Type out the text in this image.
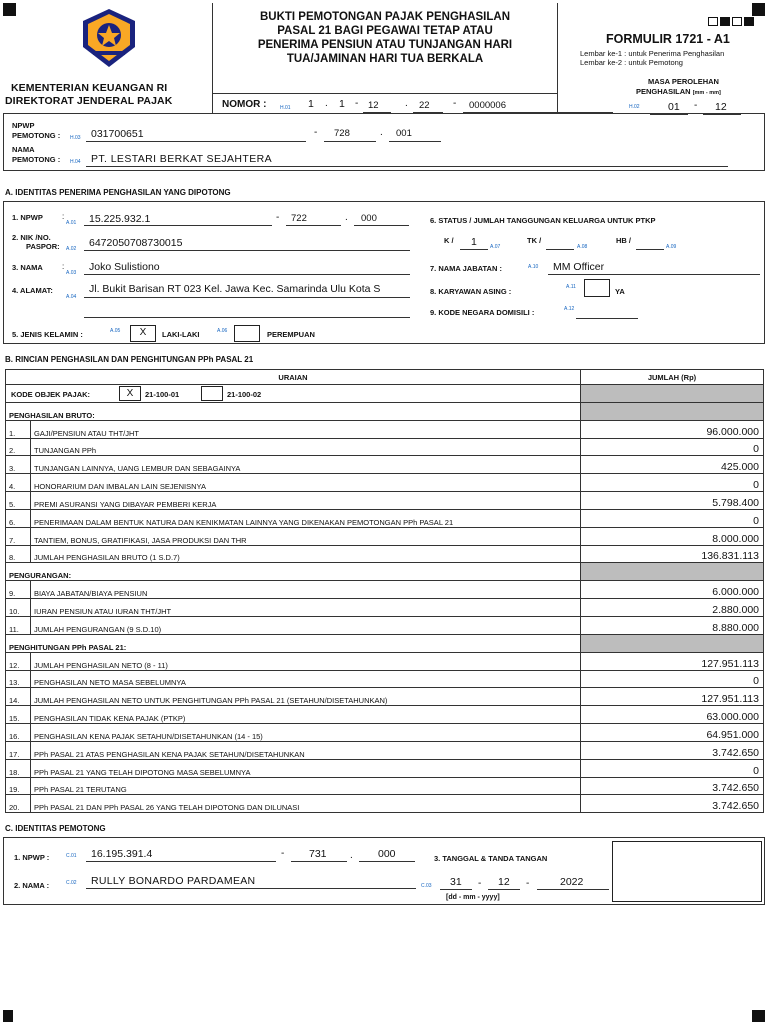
KEMENTERIAN KEUANGAN RI
DIREKTORAT JENDERAL PAJAK
BUKTI PEMOTONGAN PAJAK PENGHASILAN
PASAL 21 BAGI PEGAWAI TETAP ATAU
PENERIMA PENSIUN ATAU TUNJANGAN HARI
TUA/JAMINAN HARI TUA BERKALA
FORMULIR 1721 - A1
Lembar ke-1 : untuk Penerima Penghasilan
Lembar ke-2 : untuk Pemotong
MASA PEROLEHAN
PENGHASILAN [mm - mm]
H.02	01 - 12
NOMOR :	H.01 1 . 1 - 12	. 22 - 0000006
NPWP
PEMOTONG : H.03 031700651	- 728	. 001
NAMA
PEMOTONG : H.04 PT. LESTARI BERKAT SEJAHTERA
A. IDENTITAS PENERIMA PENGHASILAN YANG DIPOTONG
1. NPWP :
A.01 15.225.932.1	- 722	. 000
2. NIK /NO.
PASPOR: A.02 6472050708730015
3. NAMA :
A.03 Joko Sulistiono
4. ALAMAT:
A.04
Jl. Bukit Barisan RT 023 Kel. Jawa Kec. Samarinda Ulu Kota S
5. JENIS KELAMIN :	A.05	X	LAKI-LAKI	A.06	PEREMPUAN
6. STATUS / JUMLAH TANGGUNGAN KELUARGA UNTUK PTKP
K / 1	A.07
TK /
A.08
HB /
A.09
7. NAMA JABATAN :	A.10 MM Officer
8. KARYAWAN ASING :	A.11	YA
9. KODE NEGARA DOMISILI :	A.12
B. RINCIAN PENGHASILAN DAN PENGHITUNGAN PPh PASAL 21
URAIAN		JUMLAH (Rp)

KODE OBJEK PAJAK: X 21-100-01 21-100-02		

PENGHASILAN BRUTO:		
1.	GAJI/PENSIUN ATAU THT/JHT	96.000.000
2.	TUNJANGAN PPh	0
3.	TUNJANGAN LAINNYA, UANG LEMBUR DAN SEBAGAINYA	425.000
4.	HONORARIUM DAN IMBALAN LAIN SEJENISNYA	0
5.	PREMI ASURANSI YANG DIBAYAR PEMBERI KERJA	5.798.400
6.	PENERIMAAN DALAM BENTUK NATURA DAN KENIKMATAN LAINNYA YANG DIKENAKAN PEMOTONGAN PPh PASAL 21	0
7.	TANTIEM, BONUS, GRATIFIKASI, JASA PRODUKSI DAN THR	8.000.000
8.	JUMLAH PENGHASILAN BRUTO (1 S.D.7)	136.831.113
PENGURANGAN:		
9.	BIAYA JABATAN/BIAYA PENSIUN	6.000.000
10.	IURAN PENSIUN ATAU IURAN THT/JHT	2.880.000
11.	JUMLAH PENGURANGAN (9 S.D.10)	8.880.000
PENGHITUNGAN PPh PASAL 21:		
12.	JUMLAH PENGHASILAN NETO (8 - 11)	127.951.113
13.	PENGHASILAN NETO MASA SEBELUMNYA	0
14.	JUMLAH PENGHASILAN NETO UNTUK PENGHITUNGAN PPh PASAL 21 (SETAHUN/DISETAHUNKAN)	127.951.113
15.	PENGHASILAN TIDAK KENA PAJAK (PTKP)	63.000.000
16.	PENGHASILAN KENA PAJAK SETAHUN/DISETAHUNKAN (14 - 15)	64.951.000
17.	PPh PASAL 21 ATAS PENGHASILAN KENA PAJAK SETAHUN/DISETAHUNKAN	3.742.650
18.	PPh PASAL 21 YANG TELAH DIPOTONG MASA SEBELUMNYA	0
19.	PPh PASAL 21 TERUTANG	3.742.650
20.	PPh PASAL 21 DAN PPh PASAL 26 YANG TELAH DIPOTONG DAN DILUNASI	3.742.650
C. IDENTITAS PEMOTONG
1. NPWP :	C.01 16.195.391.4	- 731 . 000
2. NAMA :	C.02 RULLY BONARDO PARDAMEAN
3. TANGGAL & TANDA TANGAN
C.03 31 - 12 -	2022
[dd - mm - yyyy]
